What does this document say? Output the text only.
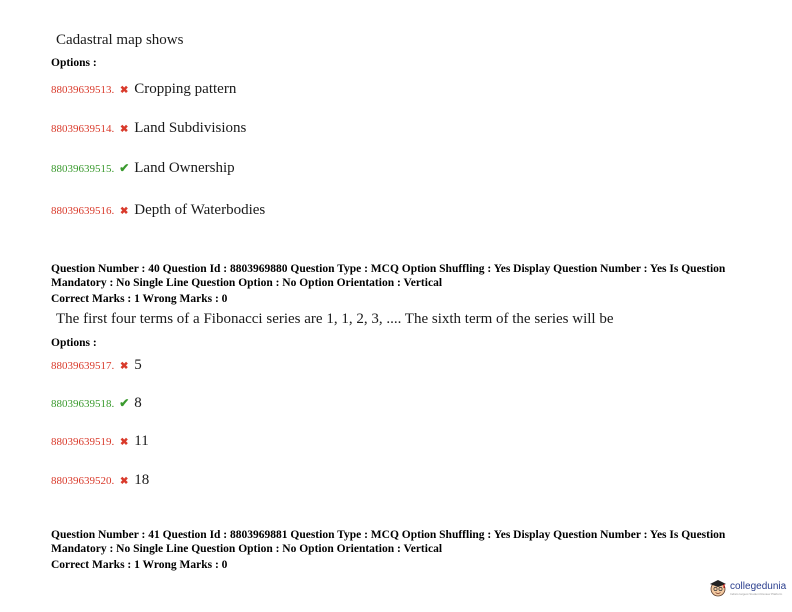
Cadastral map shows
Options :
88039639513. ✖ Cropping pattern
88039639514. ✖ Land Subdivisions
88039639515. ✔ Land Ownership
88039639516. ✖ Depth of Waterbodies
Question Number : 40 Question Id : 8803969880 Question Type : MCQ Option Shuffling : Yes Display Question Number : Yes Is Question Mandatory : No Single Line Question Option : No Option Orientation : Vertical
Correct Marks : 1 Wrong Marks : 0
The first four terms of a Fibonacci series are 1, 1, 2, 3, .... The sixth term of the series will be
Options :
88039639517. ✖ 5
88039639518. ✔ 8
88039639519. ✖ 11
88039639520. ✖ 18
Question Number : 41 Question Id : 8803969881 Question Type : MCQ Option Shuffling : Yes Display Question Number : Yes Is Question Mandatory : No Single Line Question Option : No Option Orientation : Vertical
Correct Marks : 1 Wrong Marks : 0
collegedunia
India's largest Student Review Platform
